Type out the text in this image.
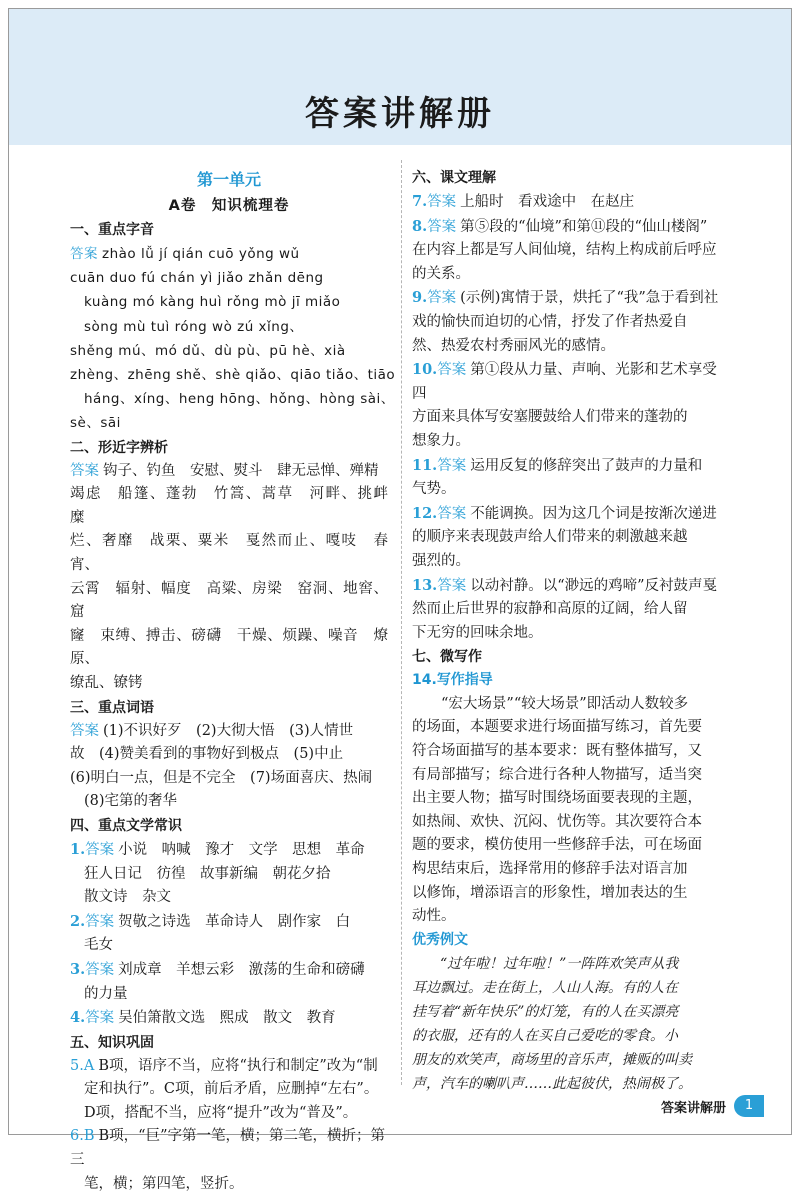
答案讲解册
第一单元
A卷　知识梳理卷
一、重点字音
答案 zhào lǚ jí qián cuō yǒng wǔ
cuān duo fú chán yì jiǎo zhǎn dēng
kuàng mó kàng huì rǒng mò jī miǎo
sòng mù tuì róng wò zú xǐng、
shěng mú、mó dǔ、dù pù、pū hè、xià
zhèng、zhēng shě、shè qiǎo、qiāo tiǎo、tiāo
háng、xíng、heng hōng、hǒng、hòng sài、
sè、sāi
二、形近字辨析
答案 钩子、钓鱼　安慰、熨斗　肆无忌惮、殚精
竭虑　船篷、蓬勃　竹篙、蒿草　河畔、挑衅　糜
烂、奢靡　战栗、粟米　戛然而止、嘎吱　春宵、
云霄　辐射、幅度　高粱、房梁　窑洞、地窖、窟
窿　束缚、搏击、磅礴　干燥、烦躁、噪音　燎原、
缭乱、镣铐
三、重点词语
答案 (1)不识好歹　(2)大彻大悟　(3)人情世
故　(4)赞美看到的事物好到极点　(5)中止
(6)明白一点，但是不完全　(7)场面喜庆、热闹
(8)宅第的奢华
四、重点文学常识
1.答案 小说　呐喊　豫才　文学　思想　革命
狂人日记　彷徨　故事新编　朝花夕拾
散文诗　杂文
2.答案 贺敬之诗选　革命诗人　剧作家　白
毛女
3.答案 刘成章　羊想云彩　激荡的生命和磅礴
的力量
4.答案 吴伯箫散文选　熙成　散文　教育
五、知识巩固
5.A B项，语序不当，应将“执行和制定”改为“制
定和执行”。C项，前后矛盾，应删掉“左右”。
D项，搭配不当，应将“提升”改为“普及”。
6.B B项，“巨”字第一笔，横；第二笔，横折；第三
笔，横；第四笔，竖折。
六、课文理解
7.答案 上船时　看戏途中　在赵庄
8.答案 第⑤段的“仙境”和第⑪段的“仙山楼阁”
在内容上都是写人间仙境，结构上构成前后呼应
的关系。
9.答案 (示例)寓情于景，烘托了“我”急于看到社
戏的愉快而迫切的心情，抒发了作者热爱自
然、热爱农村秀丽风光的感情。
10.答案 第①段从力量、声响、光影和艺术享受四
方面来具体写安塞腰鼓给人们带来的蓬勃的
想象力。
11.答案 运用反复的修辞突出了鼓声的力量和
气势。
12.答案 不能调换。因为这几个词是按渐次递进
的顺序来表现鼓声给人们带来的刺激越来越
强烈的。
13.答案 以动衬静。以“渺远的鸡啼”反衬鼓声戛
然而止后世界的寂静和高原的辽阔，给人留
下无穷的回味余地。
七、微写作
14.写作指导
“宏大场景”“较大场景”即活动人数较多
的场面，本题要求进行场面描写练习，首先要
符合场面描写的基本要求：既有整体描写，又
有局部描写；综合进行各种人物描写，适当突
出主要人物；描写时围绕场面要表现的主题，
如热闹、欢快、沉闷、忧伤等。其次要符合本
题的要求，模仿使用一些修辞手法，可在场面
构思结束后，选择常用的修辞手法对语言加
以修饰，增添语言的形象性，增加表达的生
动性。
优秀例文
“过年啦！过年啦！”一阵阵欢笑声从我
耳边飘过。走在街上，人山人海。有的人在
挂写着“新年快乐”的灯笼，有的人在买漂亮
的衣服，还有的人在买自己爱吃的零食。小
朋友的欢笑声，商场里的音乐声，摊贩的叫卖
声，汽车的喇叭声……此起彼伏，热闹极了。
答案讲解册	1
